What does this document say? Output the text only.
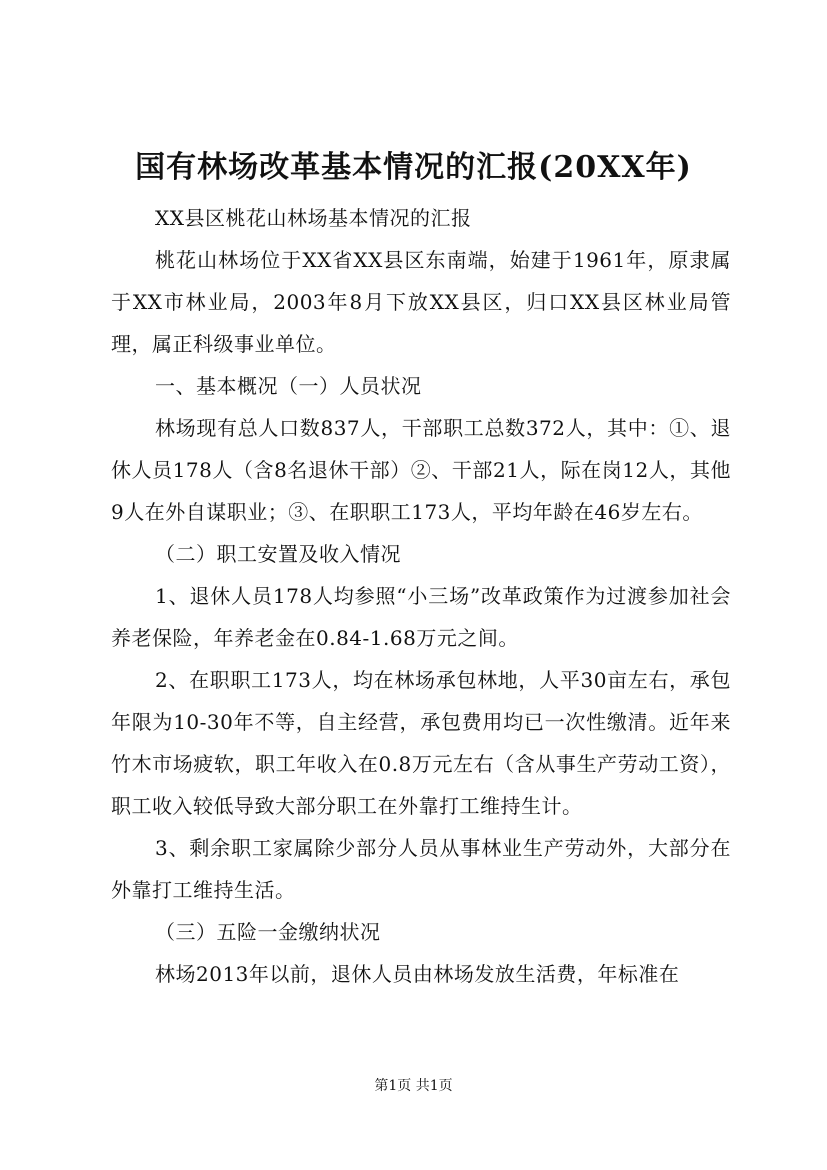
国有林场改革基本情况的汇报(20XX年)

XX县区桃花山林场基本情况的汇报

桃花山林场位于XX省XX县区东南端，始建于1961年，原隶属于XX市林业局，2003年8月下放XX县区，归口XX县区林业局管理，属正科级事业单位。

一、基本概况（一）人员状况

林场现有总人口数837人，干部职工总数372人，其中：①、退休人员178人（含8名退休干部）②、干部21人，际在岗12人，其他9人在外自谋职业；③、在职职工173人，平均年龄在46岁左右。

（二）职工安置及收入情况

1、退休人员178人均参照“小三场”改革政策作为过渡参加社会养老保险，年养老金在0.84-1.68万元之间。

2、在职职工173人，均在林场承包林地，人平30亩左右，承包年限为10-30年不等，自主经营，承包费用均已一次性缴清。近年来竹木市场疲软，职工年收入在0.8万元左右（含从事生产劳动工资），职工收入较低导致大部分职工在外靠打工维持生计。

3、剩余职工家属除少部分人员从事林业生产劳动外，大部分在外靠打工维持生活。

（三）五险一金缴纳状况

林场2013年以前，退休人员由林场发放生活费，年标准在

第1页 共1页
